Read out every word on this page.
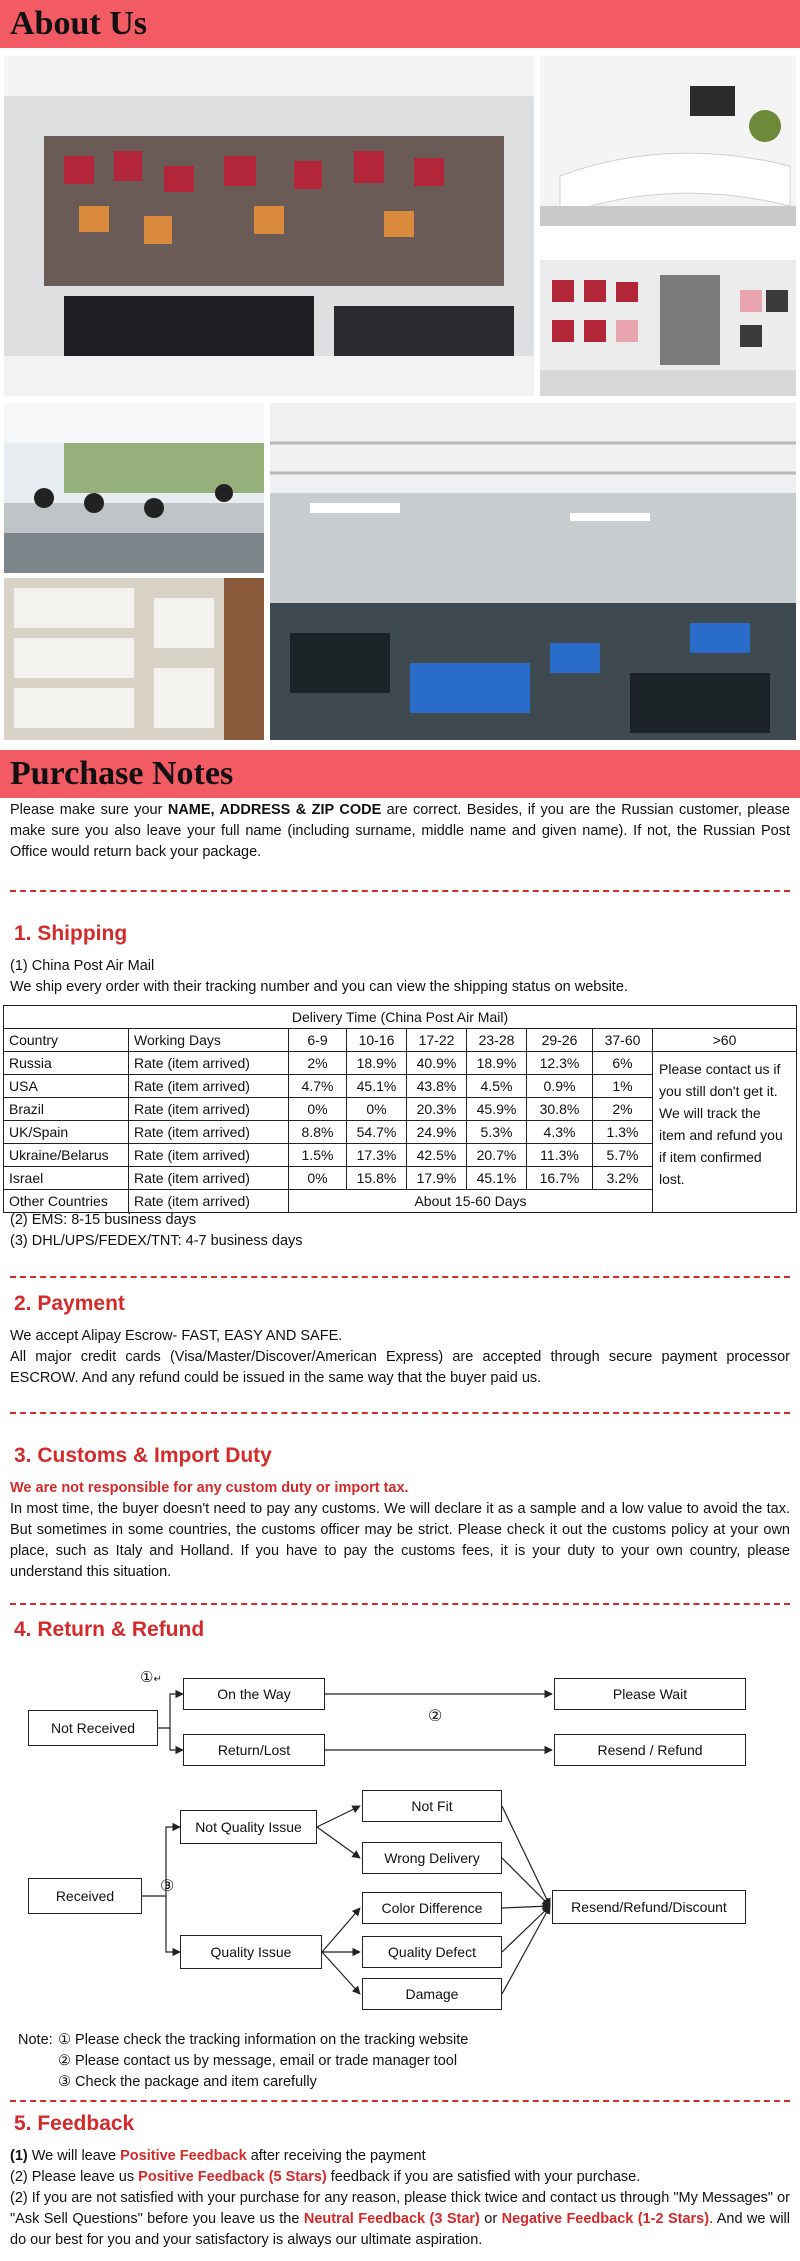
About Us
Purchase Notes
Please make sure your NAME, ADDRESS & ZIP CODE are correct. Besides, if you are the Russian customer, please make sure you also leave your full name (including surname, middle name and given name). If not, the Russian Post Office would return back your package.
1. Shipping
(1) China Post Air Mail
We ship every order with their tracking number and you can view the shipping status on website.
Delivery Time (China Post Air Mail)								
Country	Working Days	6-9	10-16	17-22	23-28	29-26	37-60	>60
Russia	Rate (item arrived)	2%	18.9%	40.9%	18.9%	12.3%	6%	Please contact us if you still don't get it. We will track the item and refund you if item confirmed lost.
USA	Rate (item arrived)	4.7%	45.1%	43.8%	4.5%	0.9%	1%	
Brazil	Rate (item arrived)	0%	0%	20.3%	45.9%	30.8%	2%	
UK/Spain	Rate (item arrived)	8.8%	54.7%	24.9%	5.3%	4.3%	1.3%	
Ukraine/Belarus	Rate (item arrived)	1.5%	17.3%	42.5%	20.7%	11.3%	5.7%	
Israel	Rate (item arrived)	0%	15.8%	17.9%	45.1%	16.7%	3.2%	
Other Countries	Rate (item arrived)	About 15-60 Days						
(2) EMS: 8-15 business days
(3) DHL/UPS/FEDEX/TNT: 4-7 business days
2. Payment
We accept Alipay Escrow- FAST, EASY AND SAFE.
All major credit cards (Visa/Master/Discover/American Express) are accepted through secure payment processor ESCROW. And any refund could be issued in the same way that the buyer paid us.
3. Customs & Import Duty
We are not responsible for any custom duty or import tax.
In most time, the buyer doesn't need to pay any customs. We will declare it as a sample and a low value to avoid the tax. But sometimes in some countries, the customs officer may be strict. Please check it out the customs policy at your own place, such as Italy and Holland. If you have to pay the customs fees, it is your duty to your own country, please understand this situation.
4. Return & Refund
Not Received
On the Way
Return/Lost
Please Wait
Resend / Refund
①↵
②
Received
③
Not Quality Issue
Quality Issue
Not Fit
Wrong Delivery
Color Difference
Quality Defect
Damage
Resend/Refund/Discount
Note: ① Please check the tracking information on the tracking website
② Please contact us by message, email or trade manager tool
③ Check the package and item carefully
5. Feedback
(1) We will leave Positive Feedback after receiving the payment
(2) Please leave us Positive Feedback (5 Stars) feedback if you are satisfied with your purchase.
(2) If you are not satisfied with your purchase for any reason, please thick twice and contact us through "My Messages" or "Ask Sell Questions" before you leave us the Neutral Feedback (3 Star) or Negative Feedback (1-2 Stars). And we will do our best for you and your satisfactory is always our ultimate aspiration.
